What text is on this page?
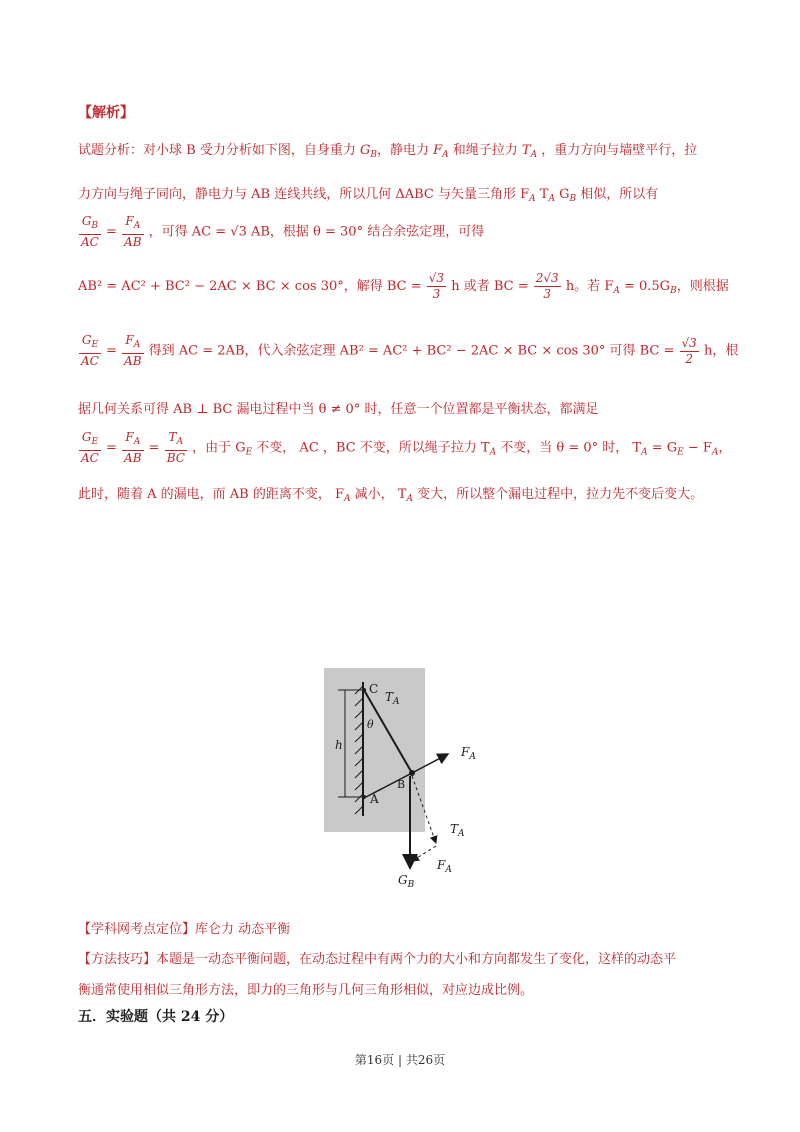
【解析】
试题分析：对小球 B 受力分析如下图，自身重力 $G_B$，静电力 $F_A$ 和绳子拉力 $T_A$ ，重力方向与墙壁平行，拉
力方向与绳子同向，静电力与 AB 连线共线，所以几何 ΔABC 与矢量三角形 $F_A$ $T_A$ $G_B$ 相似，所以有
$\frac{G_B}{AC} = \frac{F_A}{AB}$ ，可得 AC = √3 AB，根据 θ = 30° 结合余弦定理，可得
AB² = AC² + BC² − 2AC × BC × cos 30°，解得 BC = $\frac{√3}{3}$ h 或者 BC = $\frac{2√3}{3}$ h。若 $F_A = 0.5G_B$，则根据
$\frac{G_E}{AC} = \frac{F_A}{AB}$ 得到 AC = 2AB，代入余弦定理 AB² = AC² + BC² − 2AC × BC × cos 30° 可得 BC = $\frac{√3}{2}$ h，根
据几何关系可得 AB ⊥ BC 漏电过程中当 θ ≠ 0° 时，任意一个位置都是平衡状态，都满足
$\frac{G_E}{AC} = \frac{F_A}{AB} = \frac{T_A}{BC}$ ，由于 $G_E$ 不变， AC ，BC 不变，所以绳子拉力 $T_A$ 不变，当 θ = 0° 时， $T_A = G_E - F_A$，
此时，随着 A 的漏电，而 AB 的距离不变， $F_A$ 减小， $T_A$ 变大，所以整个漏电过程中，拉力先不变后变大。
C
$T_A$
θ
h
B
A
$F_A$
$T_A$
$F_A$
$G_B$
【学科网考点定位】库仑力 动态平衡
【方法技巧】本题是一动态平衡问题，在动态过程中有两个力的大小和方向都发生了变化，这样的动态平
衡通常使用相似三角形方法，即力的三角形与几何三角形相似，对应边成比例。
五．实验题（共 24 分）
第16页 | 共26页
